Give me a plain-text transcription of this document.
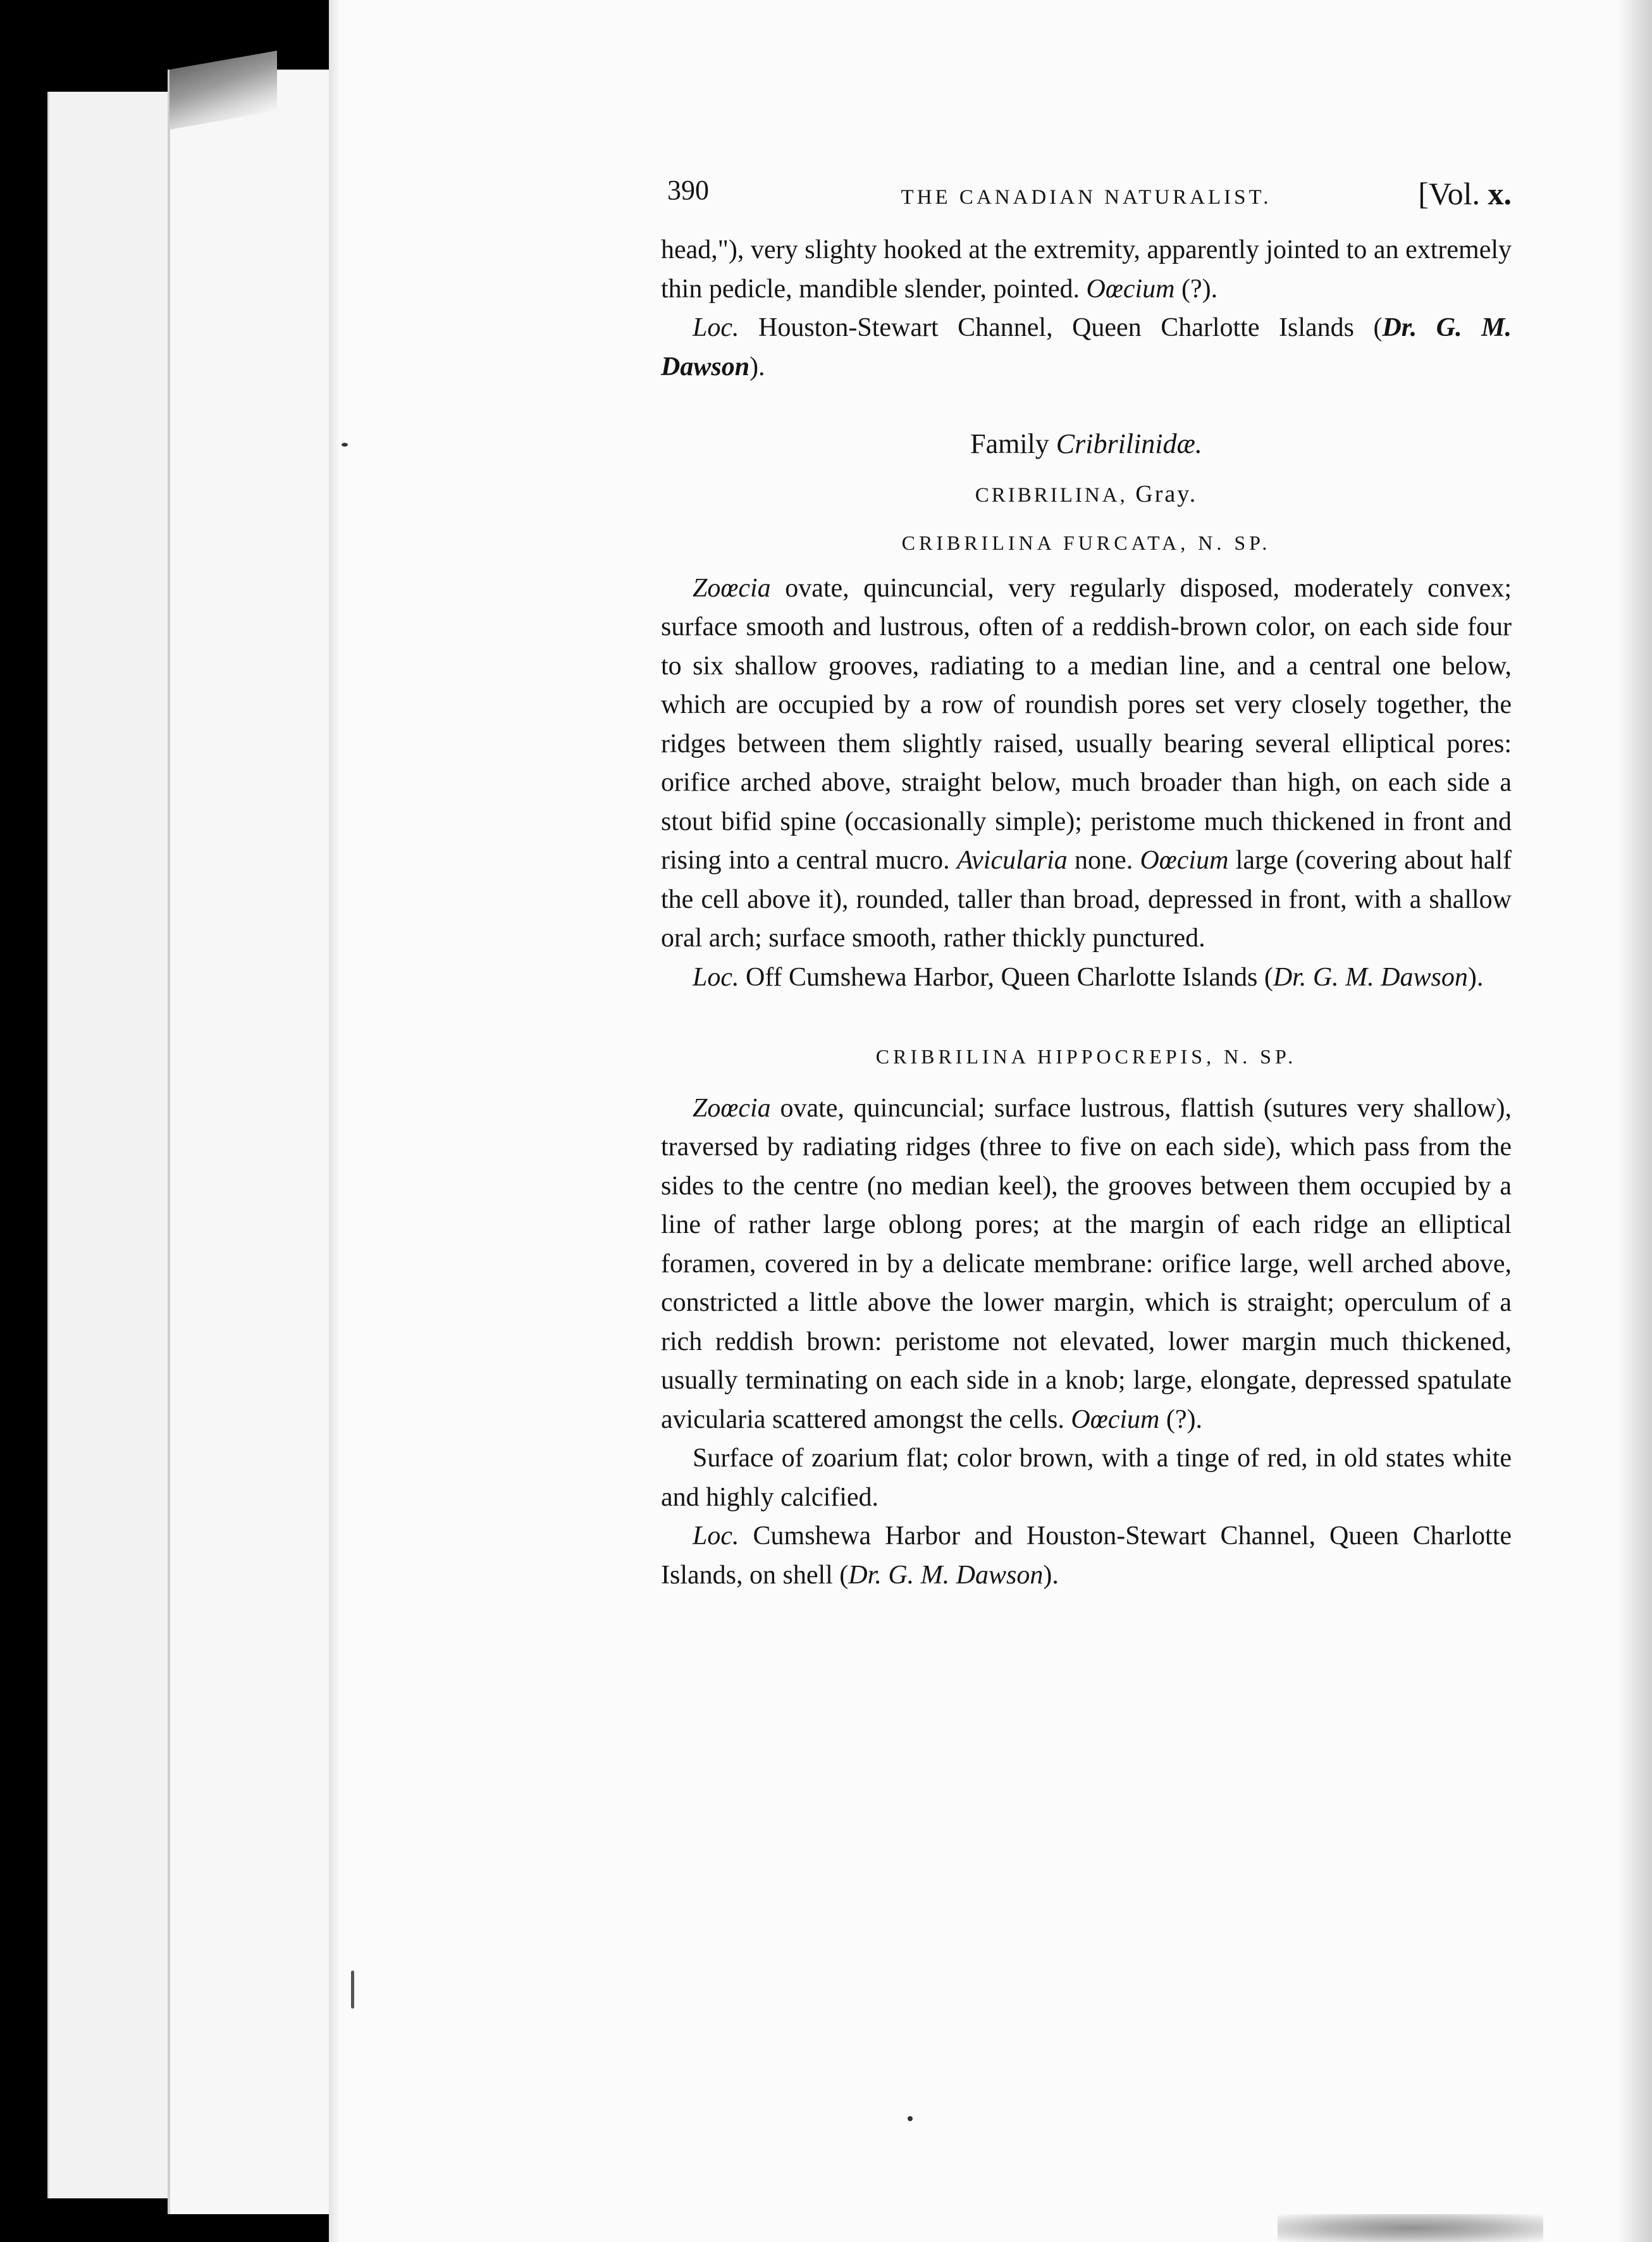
390	THE CANADIAN NATURALIST.	[Vol. x.

head,"), very slighty hooked at the extremity, apparently jointed to an extremely thin pedicle, mandible slender, pointed. Oœcium (?).

Loc. Houston-Stewart Channel, Queen Charlotte Islands (Dr. G. M. Dawson).

Family Cribrilinidæ.

CRIBRILINA, Gray.

CRIBRILINA FURCATA, N. SP.

Zoœcia ovate, quincuncial, very regularly disposed, moderately convex; surface smooth and lustrous, often of a reddish-brown color, on each side four to six shallow grooves, radiating to a median line, and a central one below, which are occupied by a row of roundish pores set very closely together, the ridges between them slightly raised, usually bearing several elliptical pores: orifice arched above, straight below, much broader than high, on each side a stout bifid spine (occasionally simple); peristome much thickened in front and rising into a central mucro. Avicularia none. Oœcium large (covering about half the cell above it), rounded, taller than broad, depressed in front, with a shallow oral arch; surface smooth, rather thickly punctured.

Loc. Off Cumshewa Harbor, Queen Charlotte Islands (Dr. G. M. Dawson).

CRIBRILINA HIPPOCREPIS, N. SP.

Zoœcia ovate, quincuncial; surface lustrous, flattish (sutures very shallow), traversed by radiating ridges (three to five on each side), which pass from the sides to the centre (no median keel), the grooves between them occupied by a line of rather large oblong pores; at the margin of each ridge an elliptical foramen, covered in by a delicate membrane: orifice large, well arched above, constricted a little above the lower margin, which is straight; operculum of a rich reddish brown: peristome not elevated, lower margin much thickened, usually terminating on each side in a knob; large, elongate, depressed spatulate avicularia scattered amongst the cells. Oœcium (?).

Surface of zoarium flat; color brown, with a tinge of red, in old states white and highly calcified.

Loc. Cumshewa Harbor and Houston-Stewart Channel, Queen Charlotte Islands, on shell (Dr. G. M. Dawson).
